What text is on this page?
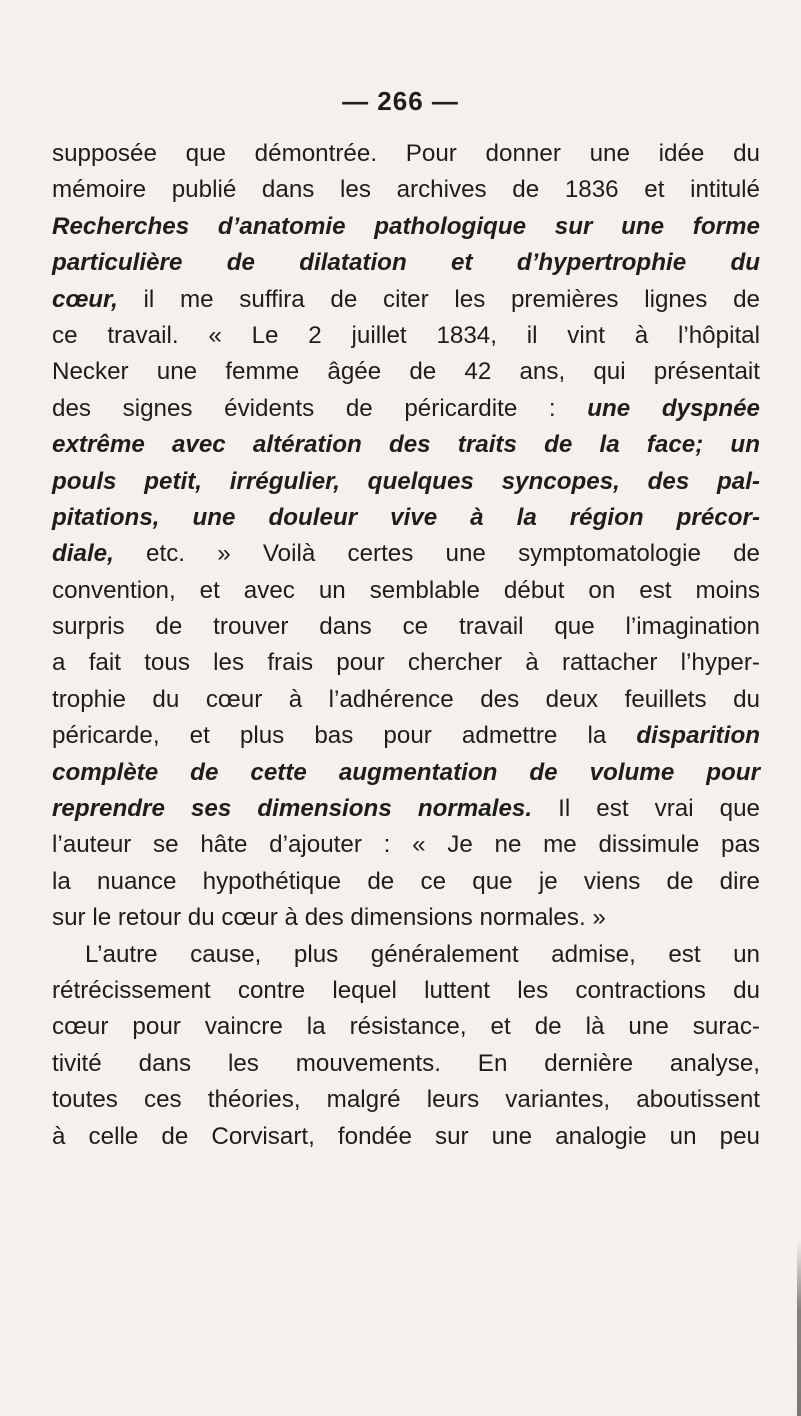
— 266 —
supposée que démontrée. Pour donner une idée du
mémoire publié dans les archives de 1836 et intitulé
Recherches d’anatomie pathologique sur une forme
particulière de dilatation et d’hypertrophie du
cœur, il me suffira de citer les premières lignes de
ce travail. « Le 2 juillet 1834, il vint à l’hôpital
Necker une femme âgée de 42 ans, qui présentait
des signes évidents de péricardite : une dyspnée
extrême avec altération des traits de la face; un
pouls petit, irrégulier, quelques syncopes, des pal-
pitations, une douleur vive à la région précor-
diale, etc. » Voilà certes une symptomatologie de
convention, et avec un semblable début on est moins
surpris de trouver dans ce travail que l’imagination
a fait tous les frais pour chercher à rattacher l’hyper-
trophie du cœur à l’adhérence des deux feuillets du
péricarde, et plus bas pour admettre la disparition
complète de cette augmentation de volume pour
reprendre ses dimensions normales. Il est vrai que
l’auteur se hâte d’ajouter : « Je ne me dissimule pas
la nuance hypothétique de ce que je viens de dire
sur le retour du cœur à des dimensions normales. »
L’autre cause, plus généralement admise, est un
rétrécissement contre lequel luttent les contractions du
cœur pour vaincre la résistance, et de là une surac-
tivité dans les mouvements. En dernière analyse,
toutes ces théories, malgré leurs variantes, aboutissent
à celle de Corvisart, fondée sur une analogie un peu
